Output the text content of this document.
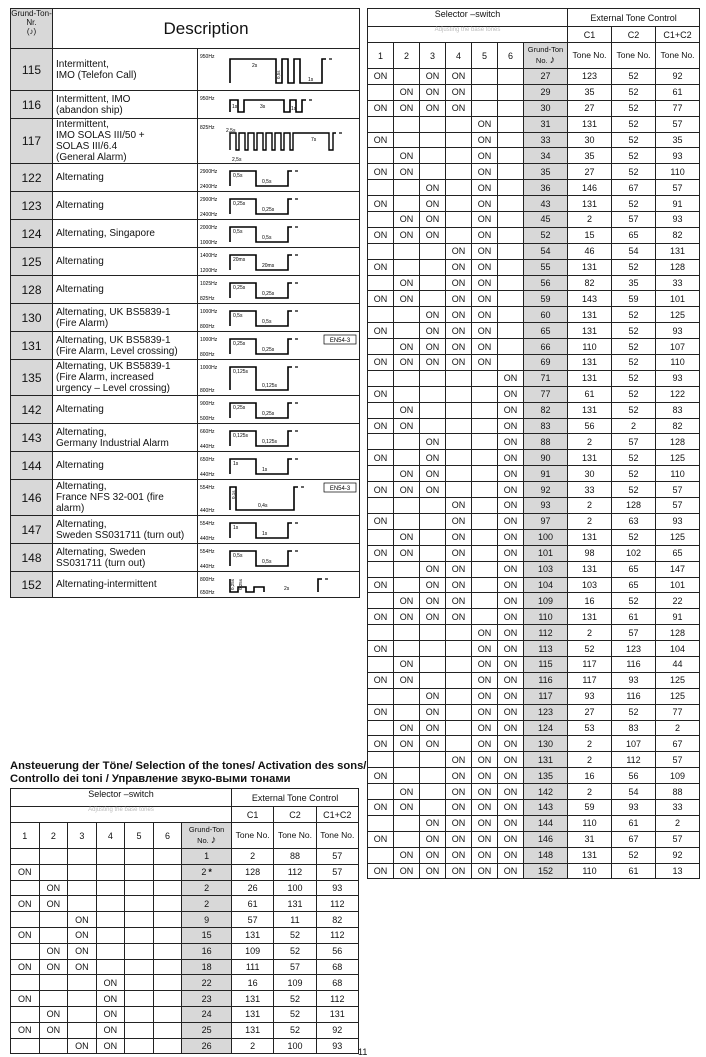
Grund-Ton-Nr.
(♪)	Description	
115	Intermittent,
IMO (Telefon Call)	950Hz
2s
0,5s
1s

116	Intermittent, IMO
(abandon ship)	950Hz
1s 3s 1s

117	Intermittent,
IMO SOLAS III/50 +
SOLAS III/6.4
(General Alarm)	825Hz 2,5s
7s
2,5s

122	Alternating	2900Hz
2400Hz
0,5s
0,5s

123	Alternating	2900Hz
2400Hz
0,25s
0,25s

124	Alternating, Singapore	2000Hz
1000Hz
0,5s
0,5s

125	Alternating	1400Hz
1200Hz
20ms
20ms

128	Alternating	1025Hz
825Hz
0,25s
0,25s

130	Alternating, UK BS5839-1
(Fire Alarm)	1000Hz
800Hz
0,5s
0,5s

131	Alternating, UK BS5839-1
(Fire Alarm, Level crossing)	1000Hz
800Hz
0,25s
0,25s
EN54-3

135	Alternating, UK BS5839-1
(Fire Alarm, increased
urgency – Level crossing)	1000Hz
800Hz
0,125s
0,125s

142	Alternating	900Hz
500Hz
0,25s
0,25s

143	Alternating,
Germany Industrial Alarm	660Hz
440Hz
0,125s
0,125s

144	Alternating	650Hz
440Hz
1s
1s

146	Alternating,
France NFS 32-001 (fire
alarm)	554Hz
440Hz
0,1s
0,4s
EN54-3

147	Alternating,
Sweden SS031711 (turn out)	554Hz
440Hz
1s
1s

148	Alternating, Sweden
SS031711 (turn out)	554Hz
440Hz
0,5s
0,5s

152	Alternating-intermittent	800Hz
650Hz
0,25s 0,25s 2s
Selector –switch							External Tone Control		
Adjusting the base tones							C1	C2	C1+C2
1	2	3	4	5	6	Grund-Ton No. ♪	Tone No.	Tone No.	Tone No.
ON		ON	ON			27	123	52	92
	ON	ON	ON			29	35	52	61
ON	ON	ON	ON			30	27	52	77
				ON		31	131	52	57
ON				ON		33	30	52	35
	ON			ON		34	35	52	93
ON	ON			ON		35	27	52	110
		ON		ON		36	146	67	57
ON		ON		ON		43	131	52	91
	ON	ON		ON		45	2	57	93
ON	ON	ON		ON		52	15	65	82
			ON	ON		54	46	54	131
ON			ON	ON		55	131	52	128
	ON		ON	ON		56	82	35	33
ON	ON		ON	ON		59	143	59	101
		ON	ON	ON		60	131	52	125
ON		ON	ON	ON		65	131	52	93
	ON	ON	ON	ON		66	110	52	107
ON	ON	ON	ON	ON		69	131	52	110
					ON	71	131	52	93
ON					ON	77	61	52	122
	ON				ON	82	131	52	83
ON	ON				ON	83	56	2	82
		ON			ON	88	2	57	128
ON		ON			ON	90	131	52	125
	ON	ON			ON	91	30	52	110
ON	ON	ON			ON	92	33	52	57
			ON		ON	93	2	128	57
ON			ON		ON	97	2	63	93
	ON		ON		ON	100	131	52	125
ON	ON		ON		ON	101	98	102	65
		ON	ON		ON	103	131	65	147
ON		ON	ON		ON	104	103	65	101
	ON	ON	ON		ON	109	16	52	22
ON	ON	ON	ON		ON	110	131	61	91
				ON	ON	112	2	57	128
ON				ON	ON	113	52	123	104
	ON			ON	ON	115	117	116	44
ON	ON			ON	ON	116	117	93	125
		ON		ON	ON	117	93	116	125
ON		ON		ON	ON	123	27	52	77
	ON	ON		ON	ON	124	53	83	2
ON	ON	ON		ON	ON	130	2	107	67
			ON	ON	ON	131	2	112	57
ON			ON	ON	ON	135	16	56	109
	ON		ON	ON	ON	142	2	54	88
ON	ON		ON	ON	ON	143	59	93	33
		ON	ON	ON	ON	144	110	61	2
ON		ON	ON	ON	ON	146	31	67	57
	ON	ON	ON	ON	ON	148	131	52	92
ON	ON	ON	ON	ON	ON	152	110	61	13
Ansteuerung der Töne/ Selection of the tones/ Activation des sons/ Controllo dei toni / Управление звуко-выми тонами
Selector –switch							External Tone Control		
Adjusting the base tones							C1	C2	C1+C2
1	2	3	4	5	6	Grund-Ton No. ♪	Tone No.	Tone No.	Tone No.
						1	2	88	57
ON						2 *	128	112	57
	ON					2	26	100	93
ON	ON					2	61	131	112
		ON				9	57	11	82
ON		ON				15	131	52	112
	ON	ON				16	109	52	56
ON	ON	ON				18	111	57	68
			ON			22	16	109	68
ON			ON			23	131	52	112
	ON		ON			24	131	52	131
ON	ON		ON			25	131	52	92
		ON	ON			26	2	100	93
11
